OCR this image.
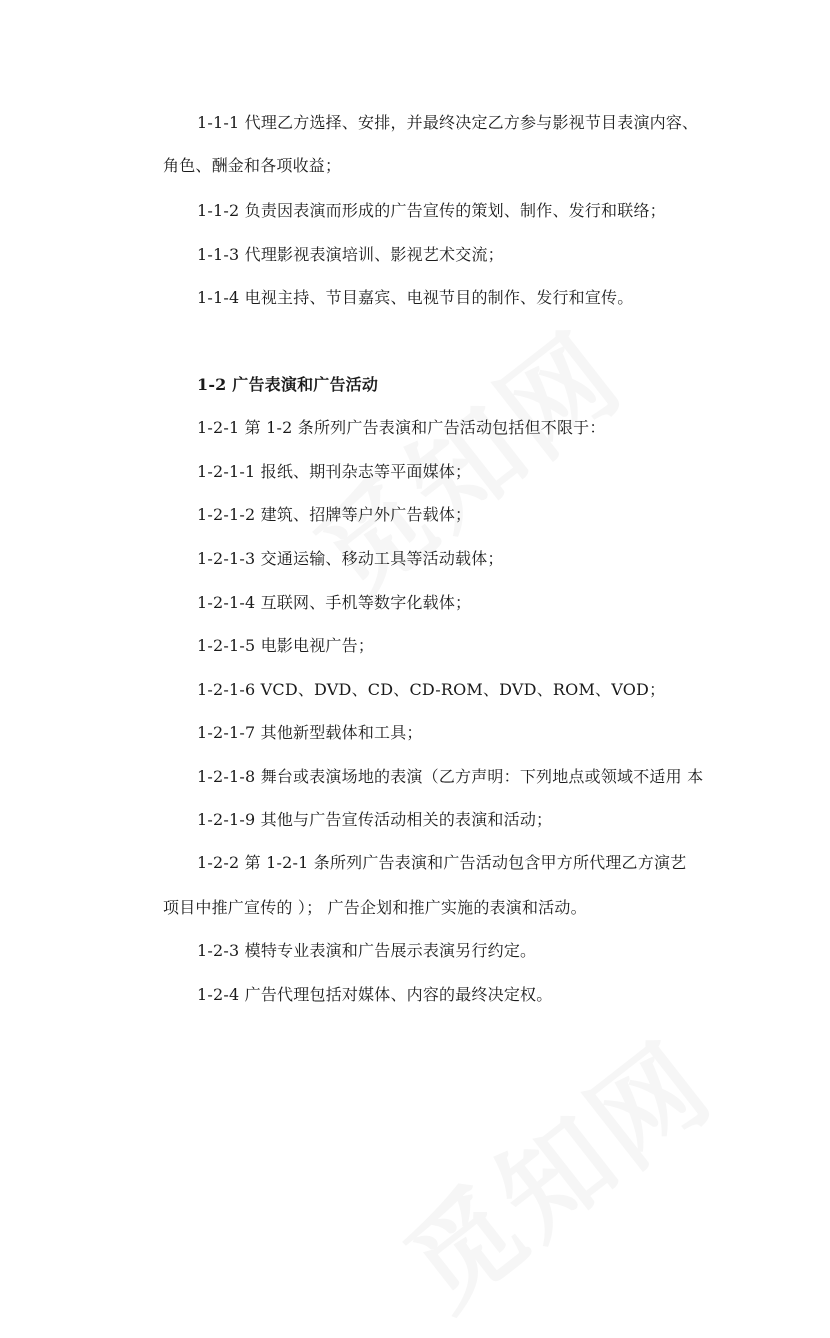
1-1-1 代理乙方选择、安排，并最终决定乙方参与影视节目表演内容、
角色、酬金和各项收益；
1-1-2 负责因表演而形成的广告宣传的策划、制作、发行和联络；
1-1-3 代理影视表演培训、影视艺术交流；
1-1-4 电视主持、节目嘉宾、电视节目的制作、发行和宣传。
1-2 广告表演和广告活动
1-2-1 第 1-2 条所列广告表演和广告活动包括但不限于：
1-2-1-1 报纸、期刊杂志等平面媒体；
1-2-1-2 建筑、招牌等户外广告载体；
1-2-1-3 交通运输、移动工具等活动载体；
1-2-1-4 互联网、手机等数字化载体；
1-2-1-5 电影电视广告；
1-2-1-6 VCD、DVD、CD、CD-ROM、DVD、ROM、VOD；
1-2-1-7 其他新型载体和工具；
1-2-1-8 舞台或表演场地的表演（乙方声明：下列地点或领域不适用 本
1-2-1-9 其他与广告宣传活动相关的表演和活动；
1-2-2 第 1-2-1 条所列广告表演和广告活动包含甲方所代理乙方演艺
项目中推广宣传的 ）； 广告企划和推广实施的表演和活动。
1-2-3 模特专业表演和广告展示表演另行约定。
1-2-4 广告代理包括对媒体、内容的最终决定权。
